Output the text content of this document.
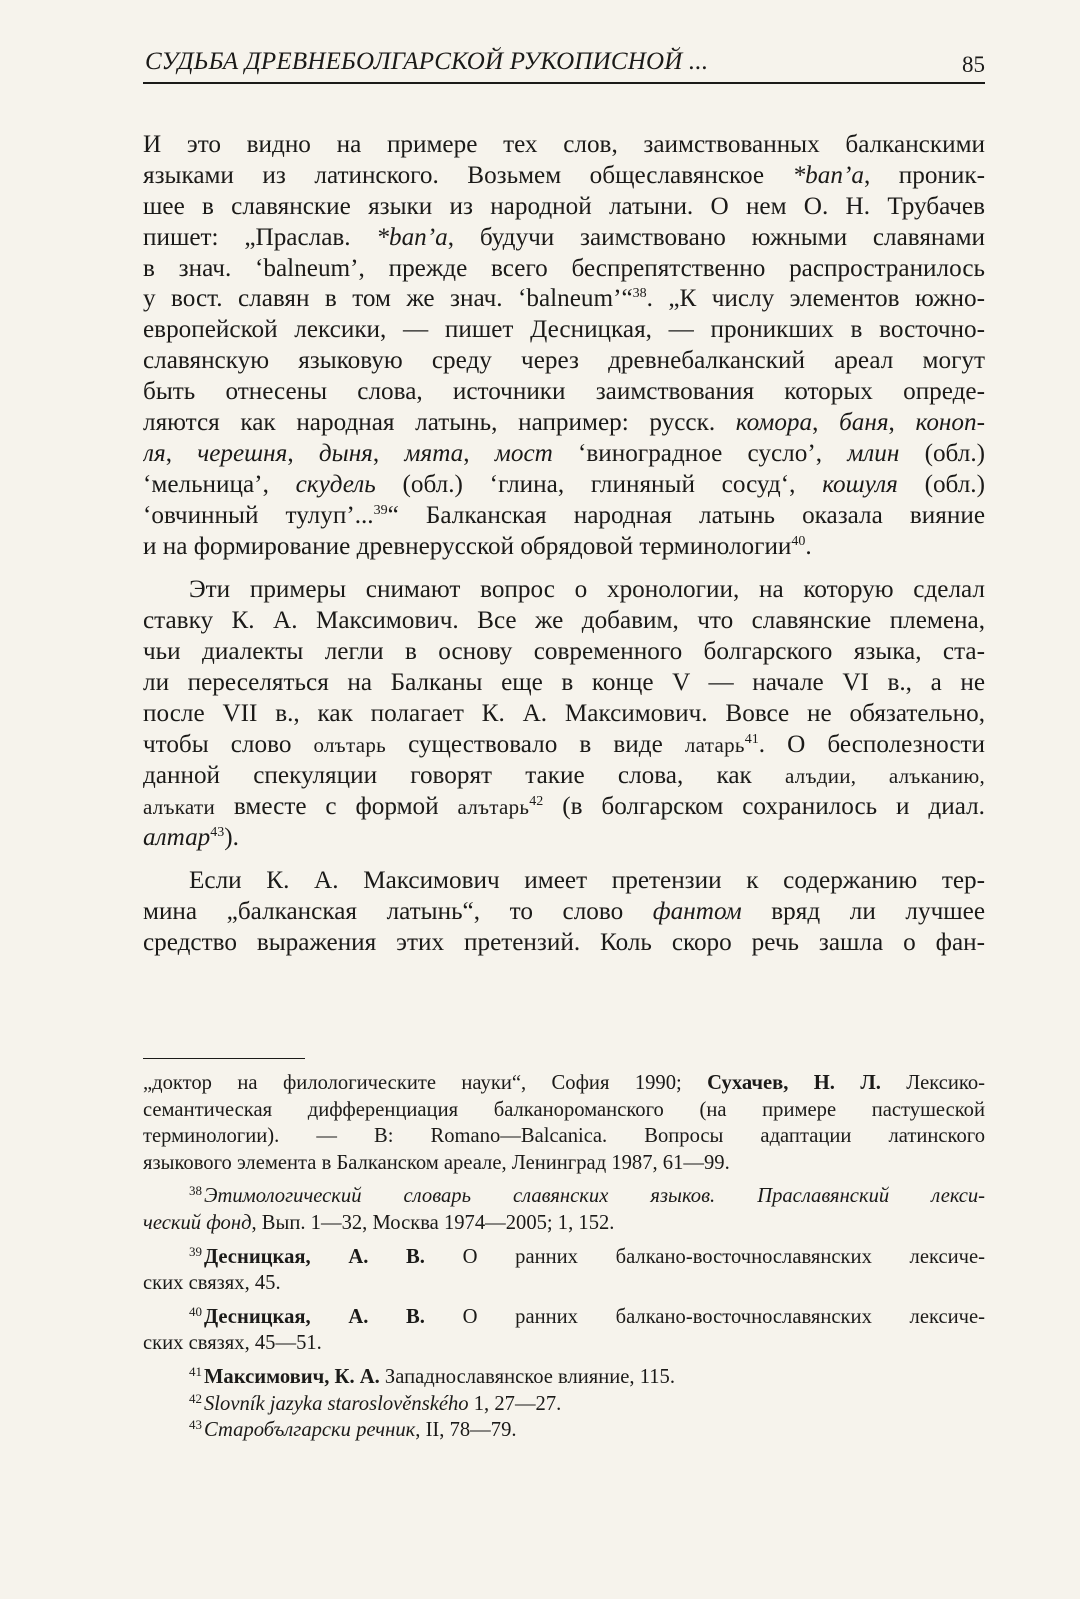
СУДЬБА ДРЕВНЕБОЛГАРСКОЙ РУКОПИСНОЙ ...	85
И это видно на примере тех слов, заимствованных балканскими
языками из латинского. Возьмем общеславянское *ban’a, проник-
шее в славянские языки из народной латыни. О нем О. Н. Трубачев
пишет: „Праслав. *ban’a, будучи заимствовано южными славянами
в знач. ‘balneum’, прежде всего беспрепятственно распространилось
у вост. славян в том же знач. ‘balneum’“$^{38}$. „К числу элементов южно-
европейской лексики, — пишет Десницкая, — проникших в восточно-
славянскую языковую среду через древнебалканский ареал могут
быть отнесены слова, источники заимствования которых опреде-
ляются как народная латынь, например: русск. комора, баня, коноп-
ля, черешня, дыня, мята, мост ‘виноградное сусло’, млин (обл.)
‘мельница’, скудель (обл.) ‘глина, глиняный сосуд‘, кошуля (обл.)
‘овчинный тулуп’...$^{39}$“ Балканская народная латынь оказала вияние
и на формирование древнерусской обрядовой терминологии$^{40}$.
Эти примеры снимают вопрос о хронологии, на которую сделал
ставку К. А. Максимович. Все же добавим, что славянские племена,
чьи диалекты легли в основу современного болгарского языка, ста-
ли переселяться на Балканы еще в конце V — начале VI в., а не
после VII в., как полагает К. А. Максимович. Вовсе не обязательно,
чтобы слово олътарь существовало в виде латарь$^{41}$. О бесполезности
данной спекуляции говорят такие слова, как алъдии, алъканию,
алъкати вместе с формой алътарь$^{42}$ (в болгарском сохранилось и диал.
алтар$^{43}$).
Если К. А. Максимович имеет претензии к содержанию тер-
мина „балканская латынь“, то слово фантом вряд ли лучшее
средство выражения этих претензий. Коль скоро речь зашла о фан-
„доктор на филологическите науки“, София 1990; Сухачев, Н. Л. Лексико-
семантическая дифференциация балканороманского (на примере пастушеской
терминологии). — В: Romano—Balcanica. Вопросы адаптации латинского
языкового элемента в Балканском ареале, Ленинград 1987, 61—99.
$^{38}$Этимологический словарь славянских языков. Праславянский лекси-
ческий фонд, Вып. 1—32, Москва 1974—2005; 1, 152.
$^{39}$Десницкая, А. В. О ранних балкано-восточнославянских лексиче-
ских связях, 45.
$^{40}$Десницкая, А. В. О ранних балкано-восточнославянских лексиче-
ских связях, 45—51.
$^{41}$Максимович, К. А. Западнославянское влияние, 115.
$^{42}$Slovník jazyka staroslověnského 1, 27—27.
$^{43}$Старобългарски речник, II, 78—79.
